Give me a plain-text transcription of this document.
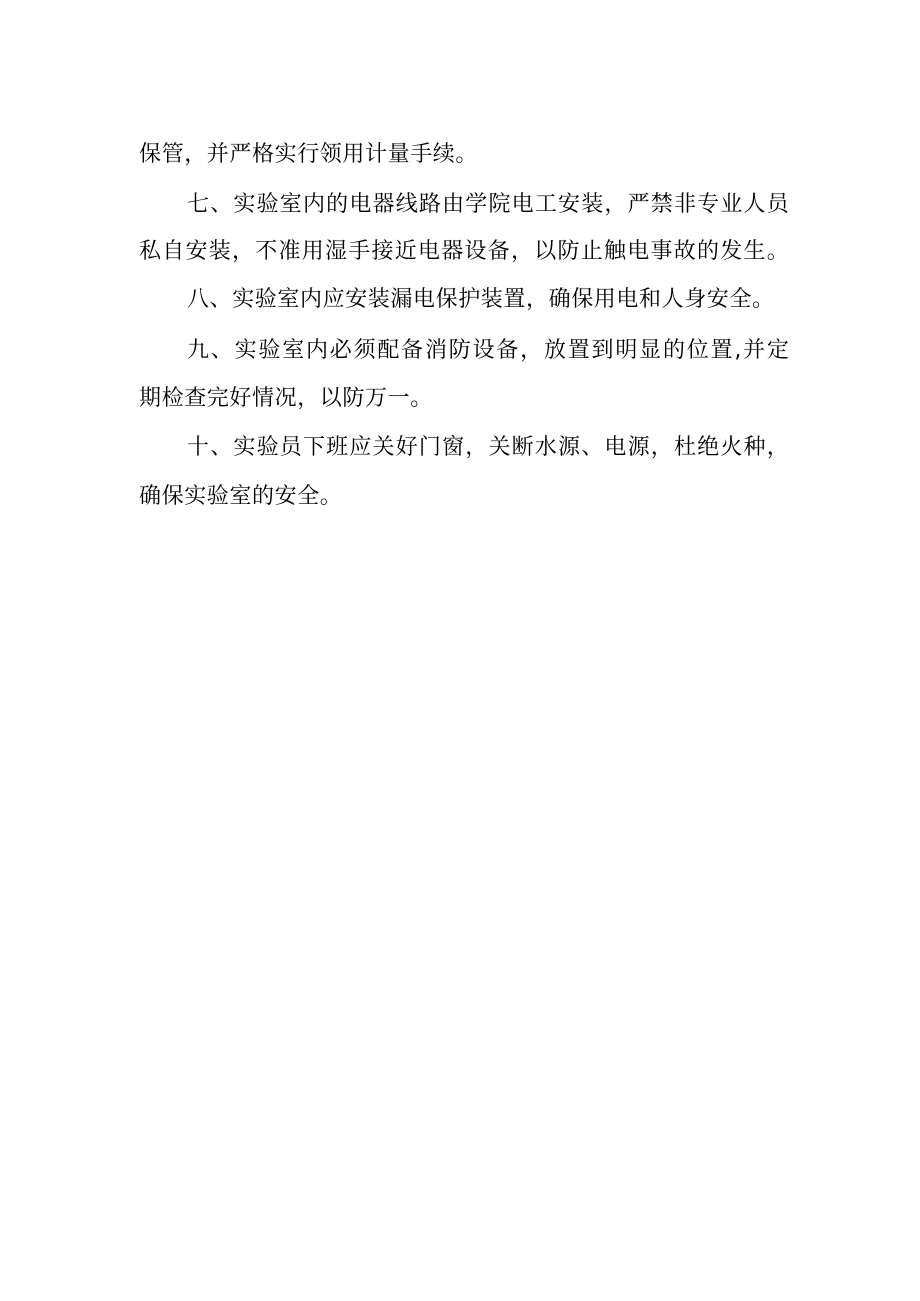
保管，并严格实行领用计量手续。
七 、 实 验 室 内 的 电 器 线 路 由 学 院 电 工 安 装 ， 严 禁 非 专 业 人 员
私 自 安 装 ， 不 准 用 湿 手 接 近 电 器 设 备 ， 以 防 止 触 电 事 故 的 发 生 。
八、实验室内应安装漏电保护装置，确保用电和人身安全。
九 、 实 验 室 内 必 须 配 备 消 防 设 备 ， 放 置 到 明 显 的 位 置 , 并 定
期检查完好情况，以防万一。
十 、 实 验 员 下 班 应 关 好 门 窗 ， 关 断 水 源 、 电 源 ， 杜 绝 火 种 ，
确保实验室的安全。
